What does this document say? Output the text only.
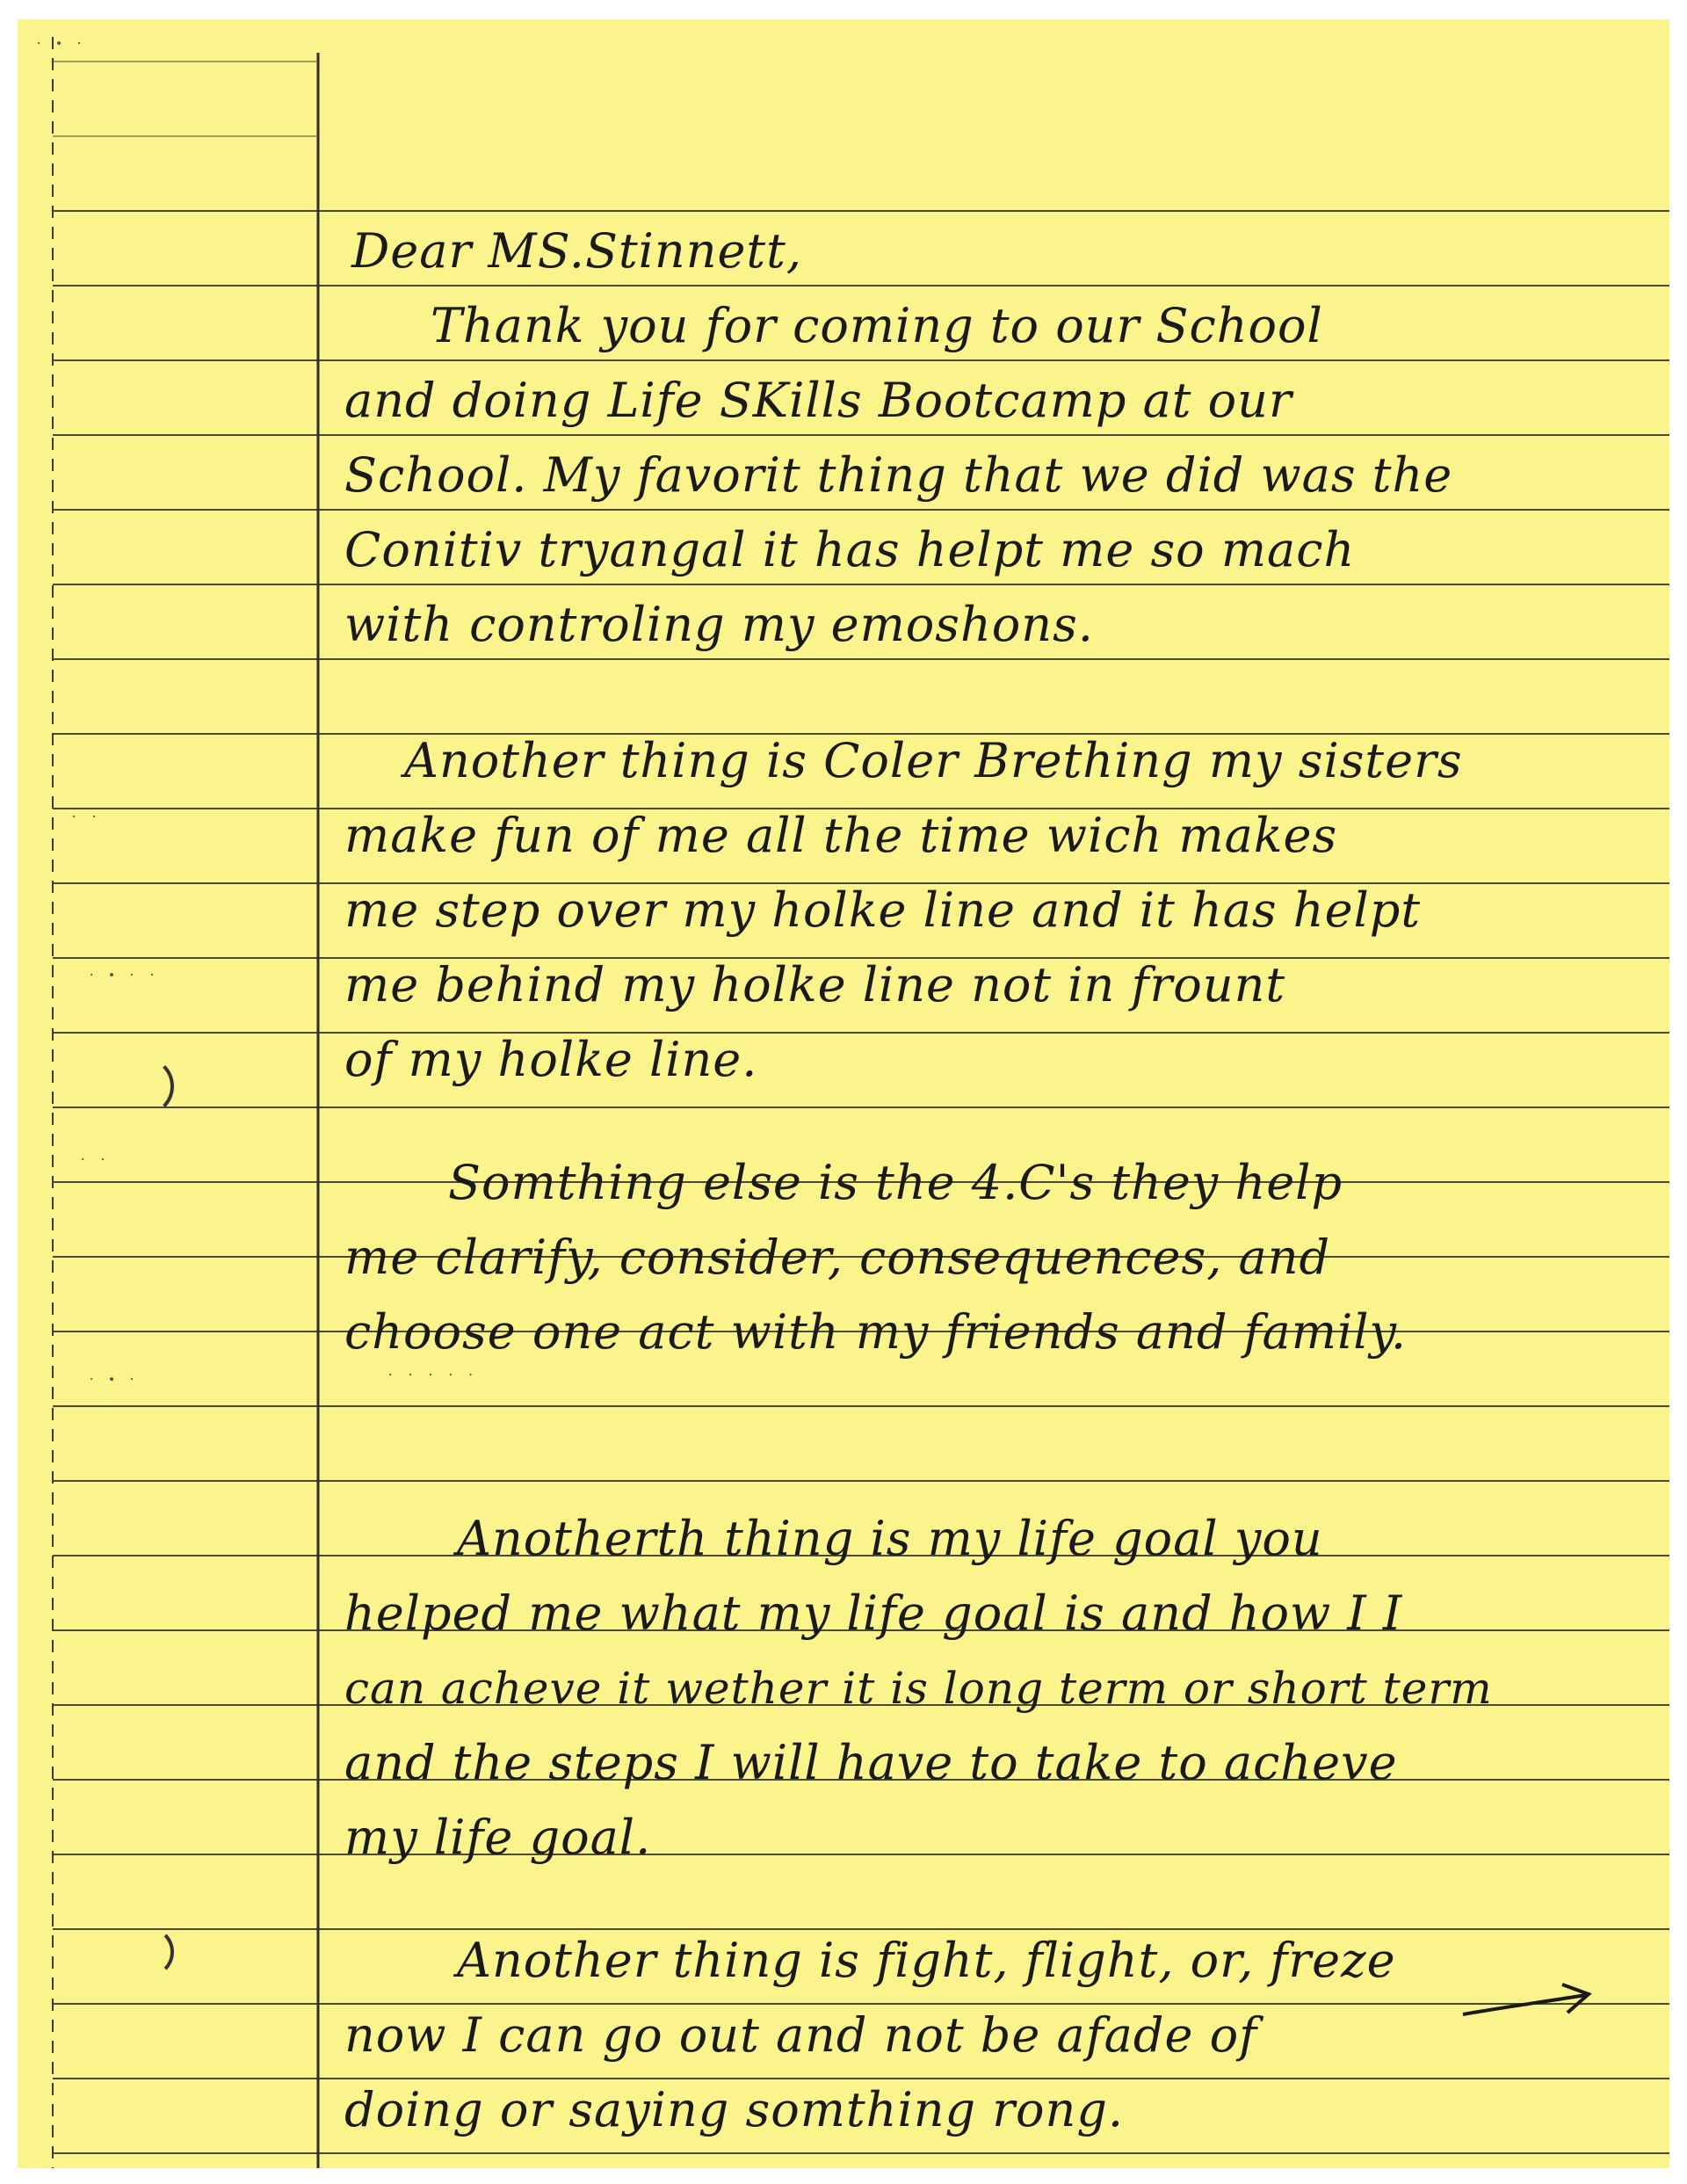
· ∙ ·
· ·
· ∙ · ·
· ·
· ∙ ·	· · · · ·
Dear MS.Stinnett,
Thank you for coming to our School
and doing Life SKills Bootcamp at our
School. My favorit thing that we did was the
Conitiv tryangal it has helpt me so mach
with controling my emoshons.
Another thing is Coler Brething my sisters
make fun of me all the time wich makes
me step over my holke line and it has helpt
me behind my holke line not in frount
of my holke line.
Somthing else is the 4.C's they help
me clarify, consider, consequences, and
choose one act with my friends and family.
Anotherth thing is my life goal you
helped me what my life goal is and how I I
can acheve it wether it is long term or short term
and the steps I will have to take to acheve
my life goal.
Another thing is fight, flight, or, freze
now I can go out and not be afade of
doing or saying somthing rong.
